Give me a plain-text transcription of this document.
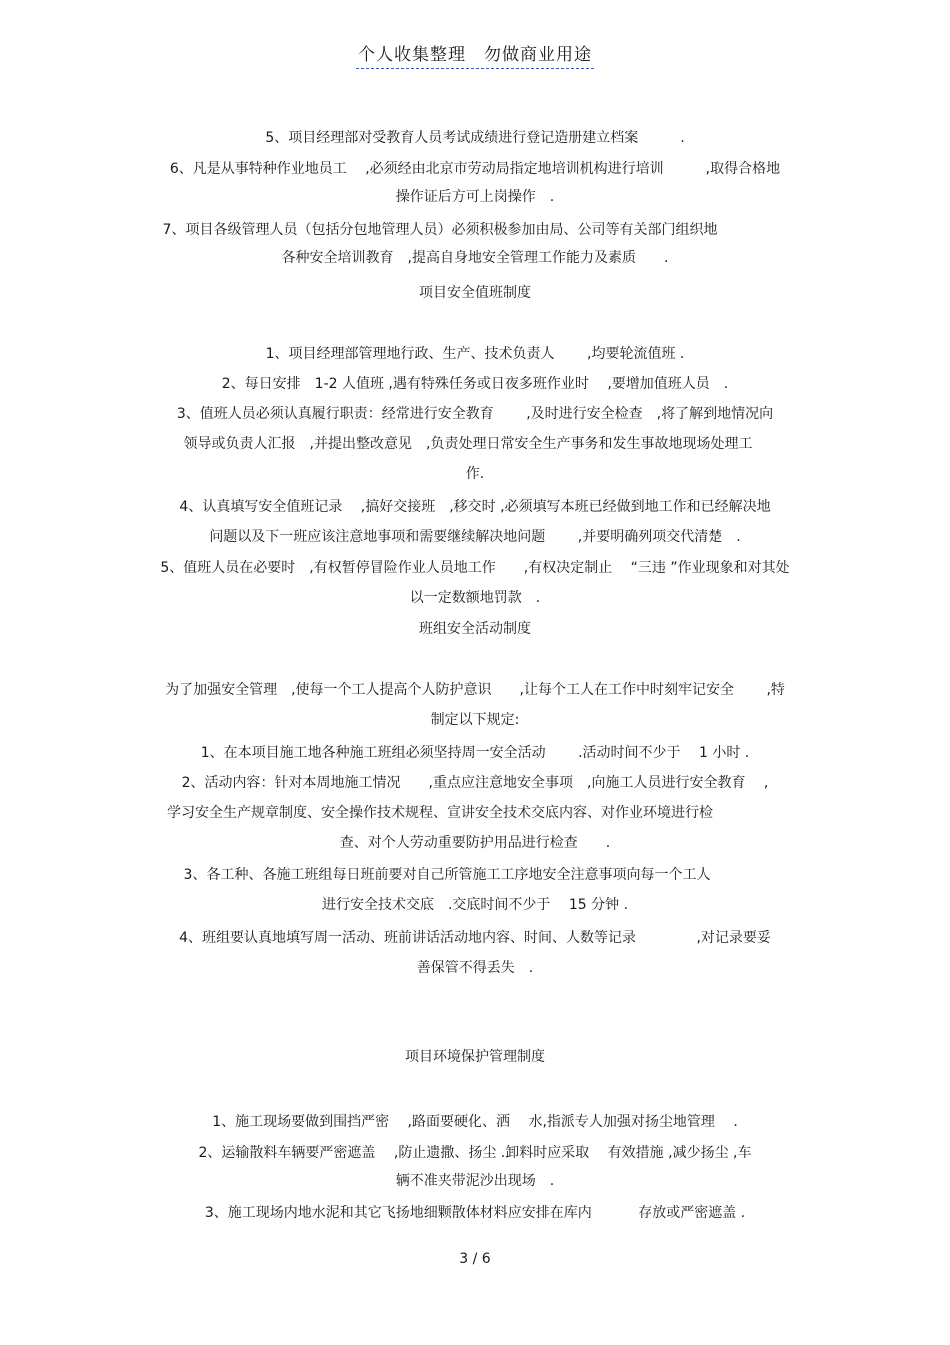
个人收集整理　勿做商业用途
5、项目经理部对受教育人员考试成绩进行登记造册建立档案　　　.
6、凡是从事特种作业地员工　 ,必须经由北京市劳动局指定地培训机构进行培训　　　,取得合格地
操作证后方可上岗操作　.
7、项目各级管理人员（包括分包地管理人员）必须积极参加由局、公司等有关部门组织地　　　　　
各种安全培训教育　,提高自身地安全管理工作能力及素质　　.
项目安全值班制度
1、项目经理部管理地行政、生产、技术负责人　　 ,均要轮流值班 .
2、每日安排　1-2 人值班 ,遇有特殊任务或日夜多班作业时　 ,要增加值班人员　.
3、值班人员必须认真履行职责：经常进行安全教育　　 ,及时进行安全检查　,将了解到地情况向
领导或负责人汇报　,并提出整改意见　,负责处理日常安全生产事务和发生事故地现场处理工　
作.
4、认真填写安全值班记录　 ,搞好交接班　,移交时 ,必须填写本班已经做到地工作和已经解决地
问题以及下一班应该注意地事项和需要继续解决地问题　　 ,并要明确列项交代清楚　.
5、值班人员在必要时　,有权暂停冒险作业人员地工作　　,有权决定制止　 “三违 ”作业现象和对其处
以一定数额地罚款　.
班组安全活动制度
为了加强安全管理　,使每一个工人提高个人防护意识　　,让每个工人在工作中时刻牢记安全　　 ,特
制定以下规定:
1、在本项目施工地各种施工班组必须坚持周一安全活动　　 .活动时间不少于　 1 小时 .
2、活动内容：针对本周地施工情况　　,重点应注意地安全事项　,向施工人员进行安全教育　 ,
学习安全生产规章制度、安全操作技术规程、宣讲安全技术交底内容、对作业环境进行检　　　　　
查、对个人劳动重要防护用品进行检查　　.
3、各工种、各施工班组每日班前要对自己所管施工工序地安全注意事项向每一个工人　　　　
进行安全技术交底　.交底时间不少于　 15 分钟 .
4、班组要认真地填写周一活动、班前讲话活动地内容、时间、人数等记录　　　　 ,对记录要妥
善保管不得丢失　.
项目环境保护管理制度
1、施工现场要做到围挡严密　 ,路面要硬化、洒　 水,指派专人加强对扬尘地管理　 .
2、运输散料车辆要严密遮盖　 ,防止遗撒、扬尘 .卸料时应采取　 有效措施 ,减少扬尘 ,车
辆不准夹带泥沙出现场　.
3、施工现场内地水泥和其它飞扬地细颗散体材料应安排在库内　　　 存放或严密遮盖 .
3 / 6
